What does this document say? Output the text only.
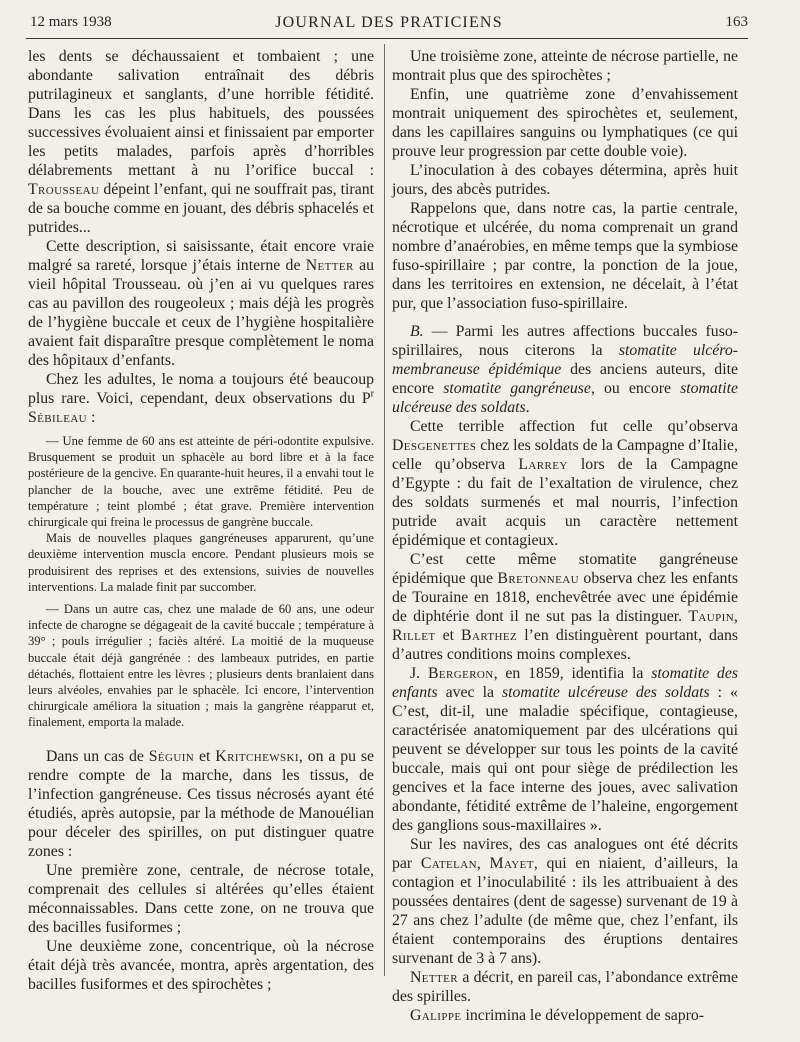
12 mars 1938	JOURNAL DES PRATICIENS	163

les dents se déchaussaient et tombaient ; une abondante salivation entraînait des débris putrilagineux et sanglants, d’une horrible fétidité. Dans les cas les plus habituels, des poussées successives évoluaient ainsi et finissaient par emporter les petits malades, parfois après d’horribles délabrements mettant à nu l’orifice buccal : Trousseau dépeint l’enfant, qui ne souffrait pas, tirant de sa bouche comme en jouant, des débris sphacelés et putrides...

Cette description, si saisissante, était encore vraie malgré sa rareté, lorsque j’étais interne de Netter au vieil hôpital Trousseau. où j’en ai vu quelques rares cas au pavillon des rougeoleux ; mais déjà les progrès de l’hygiène buccale et ceux de l’hygiène hospitalière avaient fait disparaître presque complètement le noma des hôpitaux d’enfants.

Chez les adultes, le noma a toujours été beaucoup plus rare. Voici, cependant, deux observations du $P^r$ Sébileau :

— Une femme de 60 ans est atteinte de péri-odontite expulsive. Brusquement se produit un sphacèle au bord libre et à la face postérieure de la gencive. En quarante-huit heures, il a envahi tout le plancher de la bouche, avec une extrême fétidité. Peu de température ; teint plombé ; état grave. Première intervention chirurgicale qui freina le processus de gangrène buccale.

Mais de nouvelles plaques gangréneuses apparurent, qu’une deuxième intervention muscla encore. Pendant plusieurs mois se produisirent des reprises et des extensions, suivies de nouvelles interventions. La malade finit par succomber.

— Dans un autre cas, chez une malade de 60 ans, une odeur infecte de charogne se dégageait de la cavité buccale ; température à 39° ; pouls irrégulier ; faciès altéré. La moitié de la muqueuse buccale était déjà gangrénée : des lambeaux putrides, en partie détachés, flottaient entre les lèvres ; plusieurs dents branlaient dans leurs alvéoles, envahies par le sphacèle. Ici encore, l’intervention chirurgicale améliora la situation ; mais la gangrène réapparut et, finalement, emporta la malade.

Dans un cas de Séguin et Kritchewski, on a pu se rendre compte de la marche, dans les tissus, de l’infection gangréneuse. Ces tissus nécrosés ayant été étudiés, après autopsie, par la méthode de Manouélian pour déceler des spirilles, on put distinguer quatre zones :

Une première zone, centrale, de nécrose totale, comprenait des cellules si altérées qu’elles étaient méconnaissables. Dans cette zone, on ne trouva que des bacilles fusiformes ;

Une deuxième zone, concentrique, où la nécrose était déjà très avancée, montra, après argentation, des bacilles fusiformes et des spirochètes ;

Une troisième zone, atteinte de nécrose partielle, ne montrait plus que des spirochètes ;

Enfin, une quatrième zone d’envahissement montrait uniquement des spirochètes et, seulement, dans les capillaires sanguins ou lymphatiques (ce qui prouve leur progression par cette double voie).

L’inoculation à des cobayes détermina, après huit jours, des abcès putrides.

Rappelons que, dans notre cas, la partie centrale, nécrotique et ulcérée, du noma comprenait un grand nombre d’anaérobies, en même temps que la symbiose fuso-spirillaire ; par contre, la ponction de la joue, dans les territoires en extension, ne décelait, à l’état pur, que l’association fuso-spirillaire.

B. — Parmi les autres affections buccales fuso-spirillaires, nous citerons la stomatite ulcéro-membraneuse épidémique des anciens auteurs, dite encore stomatite gangréneuse, ou encore stomatite ulcéreuse des soldats.

Cette terrible affection fut celle qu’observa Desgenettes chez les soldats de la Campagne d’Italie, celle qu’observa Larrey lors de la Campagne d’Egypte : du fait de l’exaltation de virulence, chez des soldats surmenés et mal nourris, l’infection putride avait acquis un caractère nettement épidémique et contagieux.

C’est cette même stomatite gangréneuse épidémique que Bretonneau observa chez les enfants de Touraine en 1818, enchevêtrée avec une épidémie de diphtérie dont il ne sut pas la distinguer. Taupin, Rillet et Barthez l’en distinguèrent pourtant, dans d’autres conditions moins complexes.

J. Bergeron, en 1859, identifia la stomatite des enfants avec la stomatite ulcéreuse des soldats : « C’est, dit-il, une maladie spécifique, contagieuse, caractérisée anatomiquement par des ulcérations qui peuvent se développer sur tous les points de la cavité buccale, mais qui ont pour siège de prédilection les gencives et la face interne des joues, avec salivation abondante, fétidité extrême de l’haleine, engorgement des ganglions sous-maxillaires ».

Sur les navires, des cas analogues ont été décrits par Catelan, Mayet, qui en niaient, d’ailleurs, la contagion et l’inoculabilité : ils les attribuaient à des poussées dentaires (dent de sagesse) survenant de 19 à 27 ans chez l’adulte (de même que, chez l’enfant, ils étaient contemporains des éruptions dentaires survenant de 3 à 7 ans).

Netter a décrit, en pareil cas, l’abondance extrême des spirilles.

Galippe incrimina le développement de sapro-
